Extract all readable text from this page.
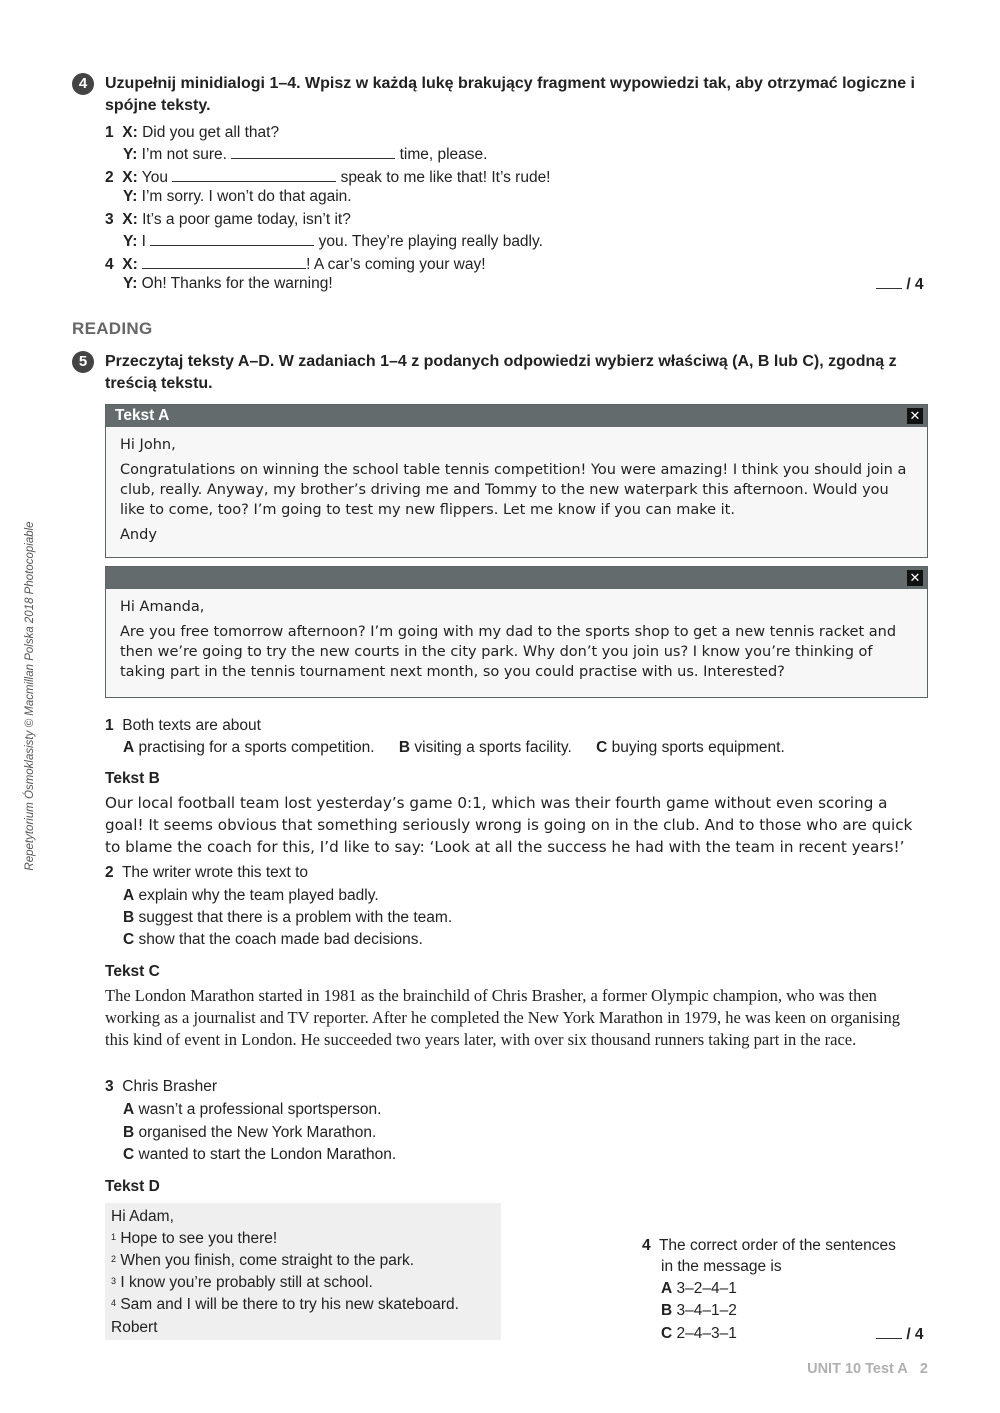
Repetytorium Ósmoklasisty © Macmillan Polska 2018 Photocopiable
4	Uzupełnij minidialogi 1–4. Wpisz w każdą lukę brakujący fragment wypowiedzi tak, aby otrzymać logiczne i spójne teksty.
1 X: Did you get all that?
Y: I’m not sure.	time, please.
2 X: You	speak to me like that! It’s rude!
Y: I’m sorry. I won’t do that again.
3 X: It’s a poor game today, isn’t it?
Y: I	you. They’re playing really badly.
4 X:	! A car’s coming your way!
Y: Oh! Thanks for the warning!	/ 4
READING
5	Przeczytaj teksty A–D. W zadaniach 1–4 z podanych odpowiedzi wybierz właściwą (A, B lub C), zgodną z treścią tekstu.
Tekst A	✕

Hi John,

Congratulations on winning the school table tennis competition! You were amazing! I think you should join a club, really. Anyway, my brother’s driving me and Tommy to the new waterpark this afternoon. Would you like to come, too? I’m going to test my new flippers. Let me know if you can make it.

Andy

✕

Hi Amanda,

Are you free tomorrow afternoon? I’m going with my dad to the sports shop to get a new tennis racket and then we’re going to try the new courts in the city park. Why don’t you join us? I know you’re thinking of taking part in the tennis tournament next month, so you could practise with us. Interested?

1 Both texts are about
A practising for a sports competition. B visiting a sports facility. C buying sports equipment.
Tekst B
Our local football team lost yesterday’s game 0:1, which was their fourth game without even scoring a goal! It seems obvious that something seriously wrong is going on in the club. And to those who are quick to blame the coach for this, I’d like to say: ‘Look at all the success he had with the team in recent years!’
2 The writer wrote this text to
A explain why the team played badly.
B suggest that there is a problem with the team.
C show that the coach made bad decisions.
Tekst C
The London Marathon started in 1981 as the brainchild of Chris Brasher, a former Olympic champion, who was then working as a journalist and TV reporter. After he completed the New York Marathon in 1979, he was keen on organising this kind of event in London. He succeeded two years later, with over six thousand runners taking part in the race.
3 Chris Brasher
A wasn’t a professional sportsperson.
B organised the New York Marathon.
C wanted to start the London Marathon.
Tekst D
Hi Adam,
$^1$ Hope to see you there!
$^2$ When you finish, come straight to the park.
$^3$ I know you’re probably still at school.
$^4$ Sam and I will be there to try his new skateboard.
Robert
4 The correct order of the sentences
in the message is
A 3–2–4–1
B 3–4–1–2
C 2–4–3–1	/ 4
UNIT 10 Test A 2
